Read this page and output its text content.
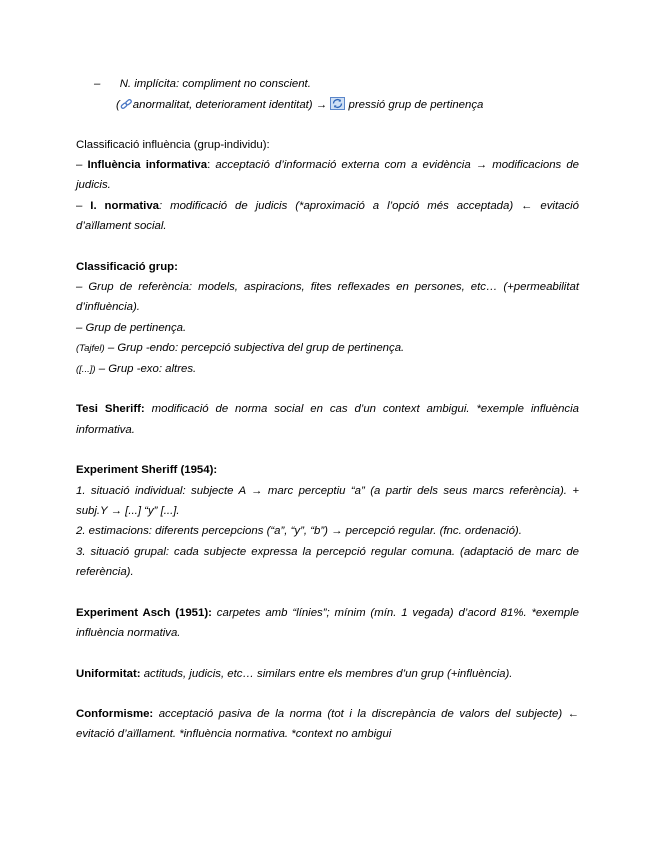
– N. implícita: compliment no conscient.
( anormalitat, deteriorament identitat) →
pressió grup de pertinença
Classificació influència (grup-individu):
– Influència informativa: acceptació d’informació externa com a evidència → modificacions de
judicis.
– I. normativa: modificació de judicis (*aproximació a l’opció més acceptada) ← evitació
d’aïllament social.
Classificació grup:
– Grup de referència: models, aspiracions, fites reflexades en persones, etc… (+permeabilitat
d’influència).
– Grup de pertinença.
(Tajfel) – Grup -endo: percepció subjectiva del grup de pertinença.
([...]) – Grup -exo: altres.
Tesi Sheriff: modificació de norma social en cas d’un context ambigui. *exemple influència
informativa.
Experiment Sheriff (1954):
1. situació individual: subjecte A → marc perceptiu “a” (a partir dels seus marcs referència). +
subj.Y → [...] “y” [...].
2. estimacions: diferents percepcions (“a”, “y”, “b”) → percepció regular. (fnc. ordenació).
3. situació grupal: cada subjecte expressa la percepció regular comuna. (adaptació de marc de
referència).
Experiment Asch (1951): carpetes amb “línies”; mínim (mín. 1 vegada) d’acord 81%. *exemple
influència normativa.
Uniformitat: actituds, judicis, etc… similars entre els membres d’un grup (+influència).
Conformisme: acceptació pasiva de la norma (tot i la discrepància de valors del subjecte) ←
evitació d’aïllament. *influència normativa. *context no ambigui
